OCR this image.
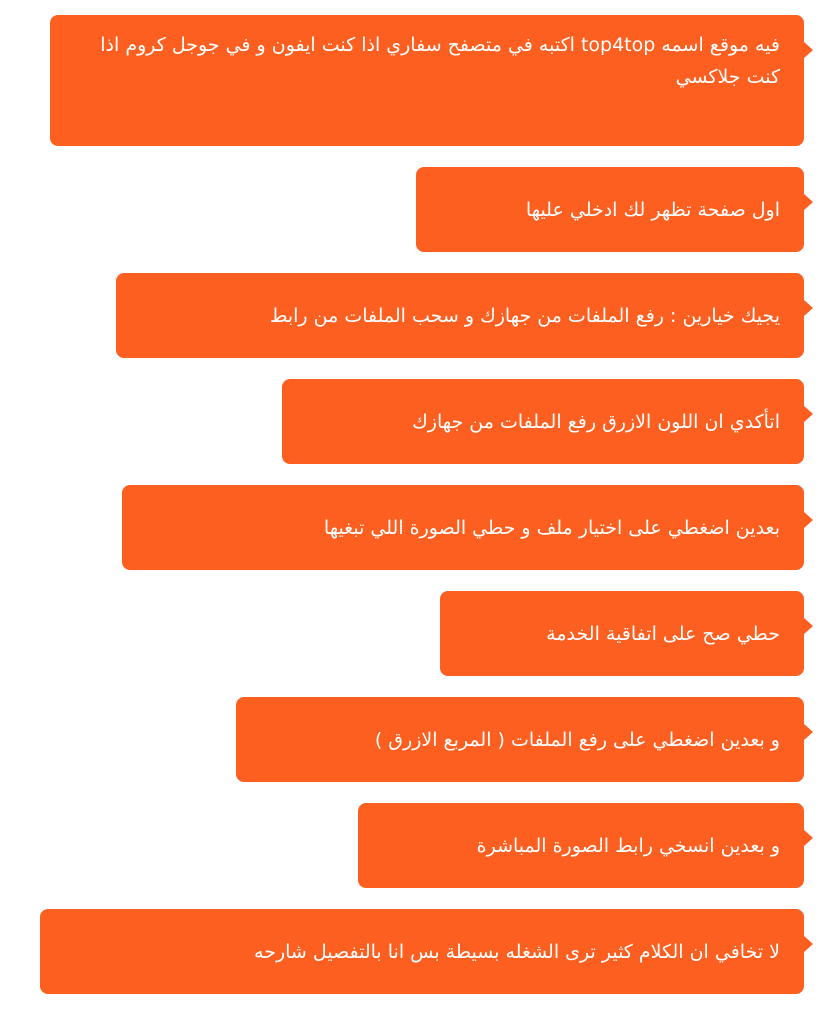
فيه موقع اسمه top4top اكتبه في متصفح سفاري اذا كنت ايفون و في جوجل كروم اذا كنت جلاكسي
اول صفحة تظهر لك ادخلي عليها
يجيك خيارين : رفع الملفات من جهازك و سحب الملفات من رابط
اتأكدي ان اللون الازرق رفع الملفات من جهازك
بعدين اضغطي على اختيار ملف و حطي الصورة اللي تبغيها
حطي صح على اتفاقية الخدمة
و بعدين اضغطي على رفع الملفات ( المربع الازرق )
و بعدين انسخي رابط الصورة المباشرة
لا تخافي ان الكلام كثير ترى الشغله بسيطة بس انا بالتفصيل شارحه
